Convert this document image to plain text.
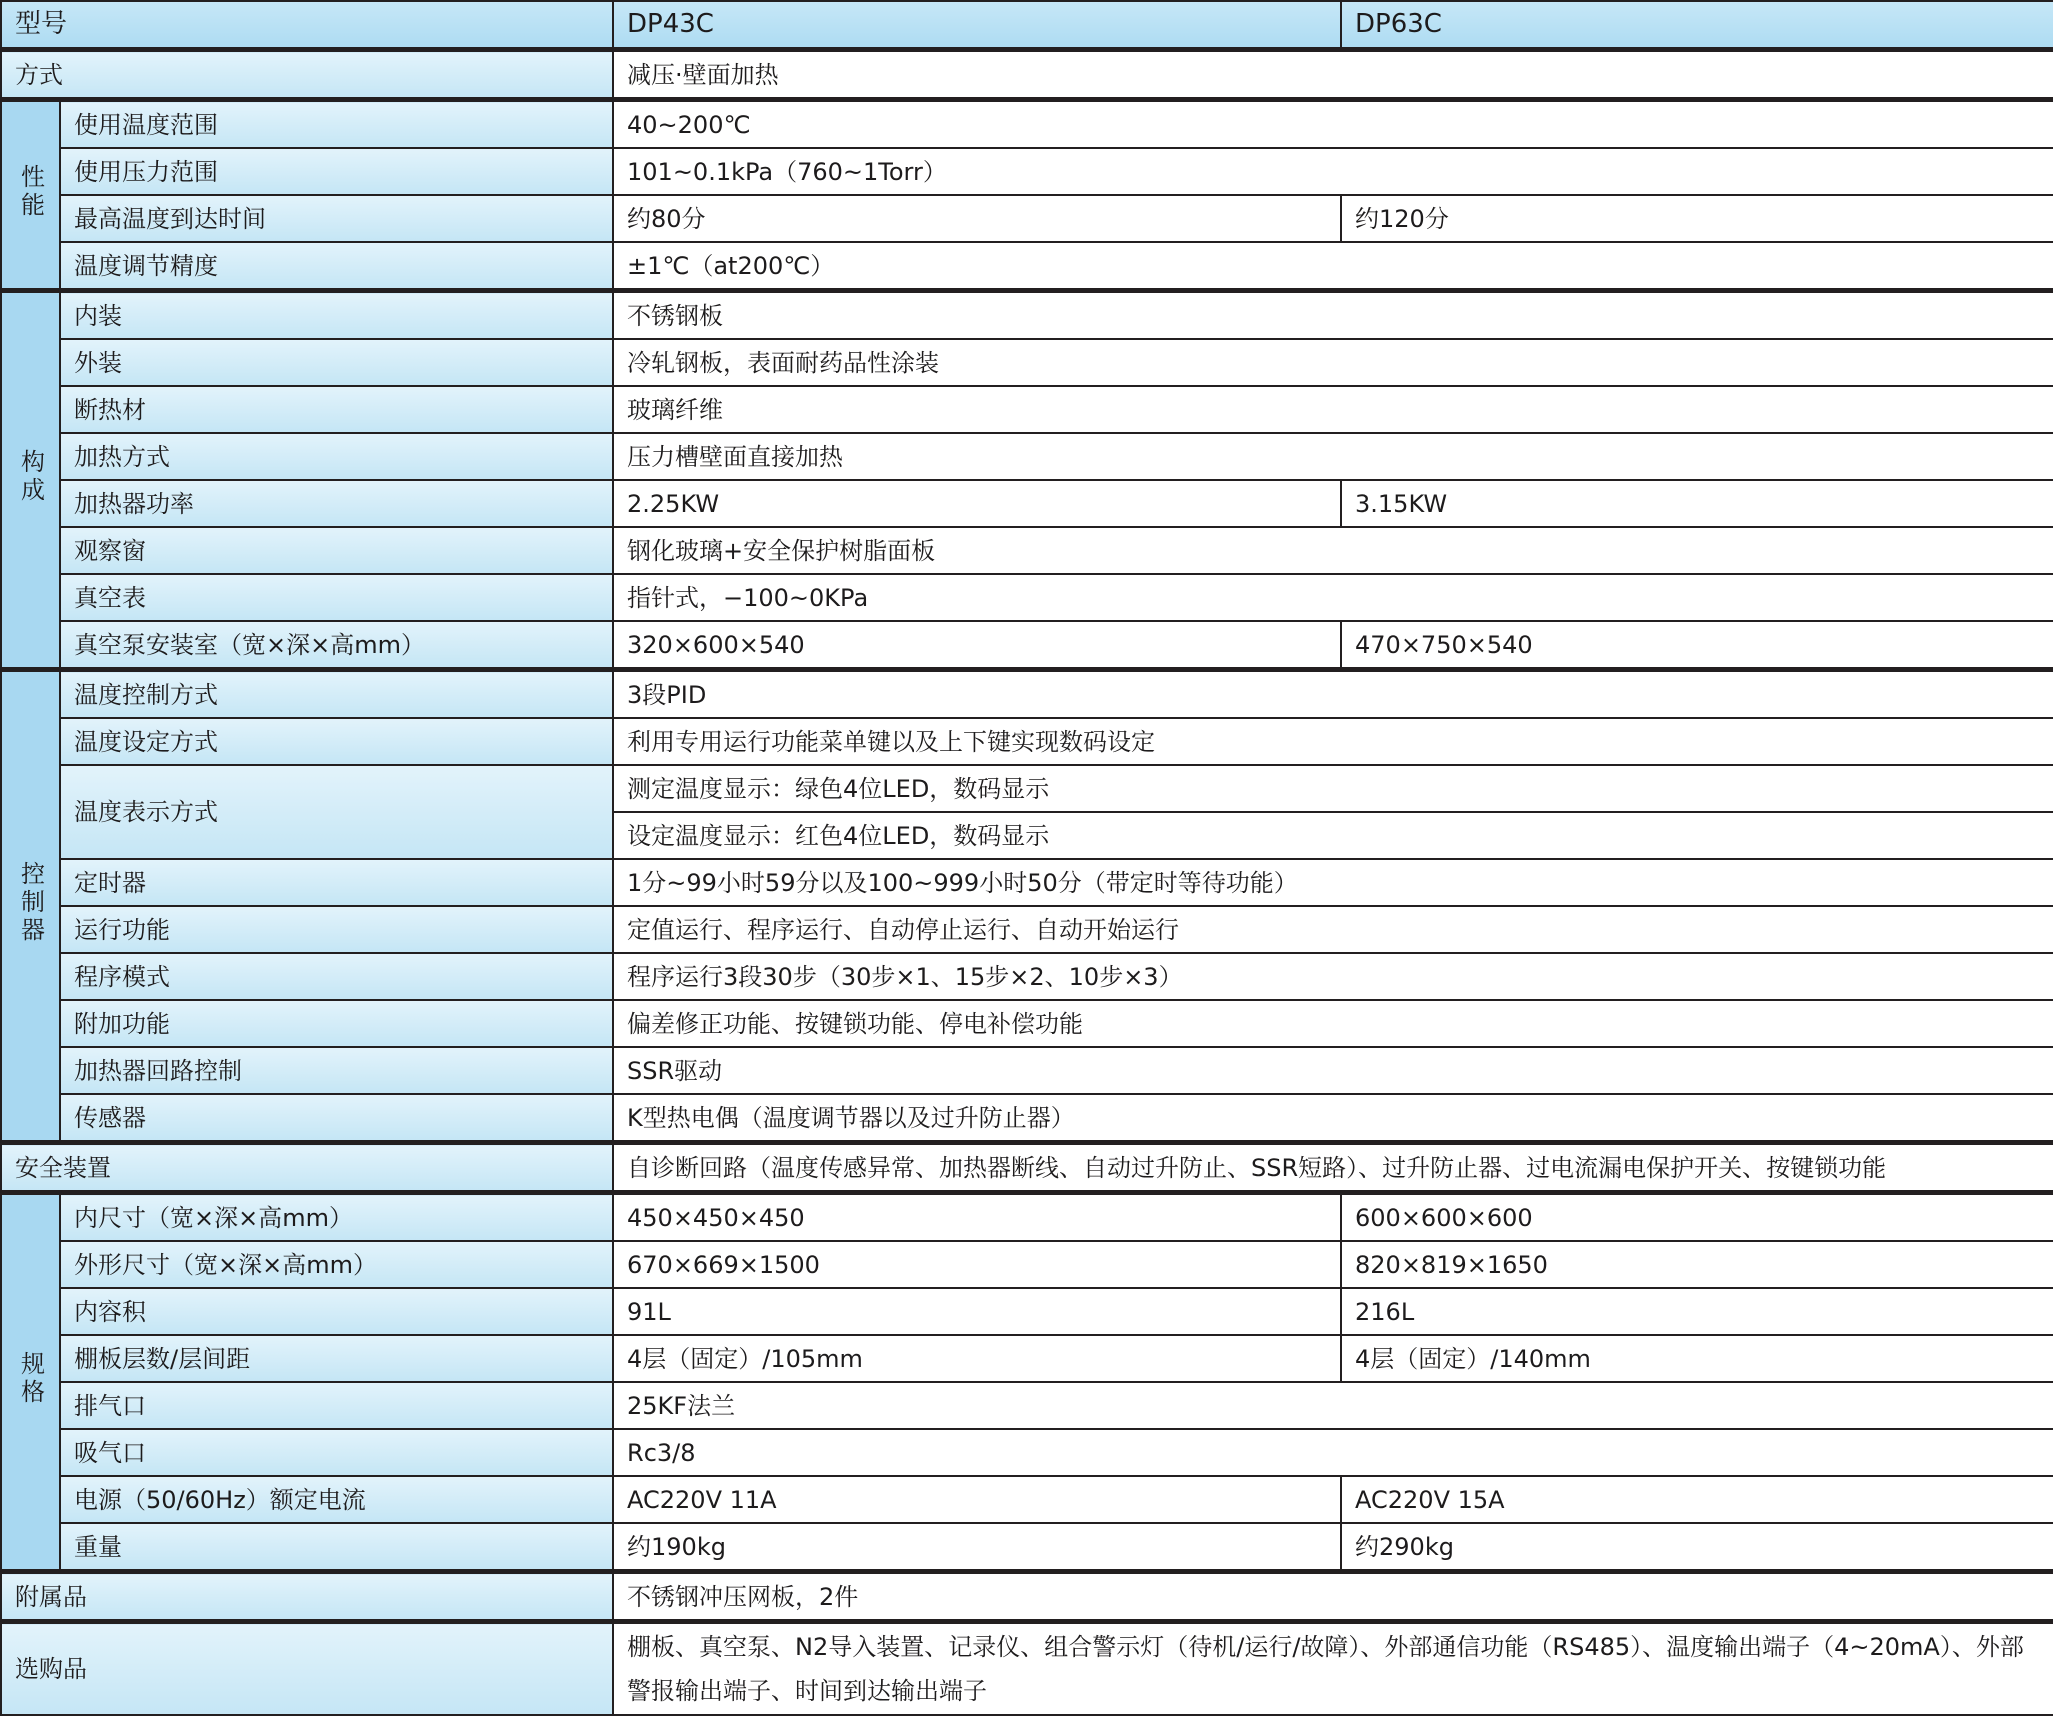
型号		DP43C	DP63C
方式		减压·壁面加热	
性能	使用温度范围	40~200℃	
	使用压力范围	101~0.1kPa（760~1Torr）	
	最高温度到达时间	约80分	约120分
	温度调节精度	±1℃（at200℃）	
构成	内装	不锈钢板	
	外装	冷轧钢板，表面耐药品性涂装	
	断热材	玻璃纤维	
	加热方式	压力槽壁面直接加热	
	加热器功率	2.25KW	3.15KW
	观察窗	钢化玻璃+安全保护树脂面板	
	真空表	指针式，−100~0KPa	
	真空泵安装室（宽×深×高mm）	320×600×540	470×750×540
控制器	温度控制方式	3段PID	
	温度设定方式	利用专用运行功能菜单键以及上下键实现数码设定	
	温度表示方式	测定温度显示：绿色4位LED，数码显示	
		设定温度显示：红色4位LED，数码显示	
	定时器	1分~99小时59分以及100~999小时50分（带定时等待功能）	
	运行功能	定值运行、程序运行、自动停止运行、自动开始运行	
	程序模式	程序运行3段30步（30步×1、15步×2、10步×3）	
	附加功能	偏差修正功能、按键锁功能、停电补偿功能	
	加热器回路控制	SSR驱动	
	传感器	K型热电偶（温度调节器以及过升防止器）	
安全装置		自诊断回路（温度传感异常、加热器断线、自动过升防止、SSR短路）、过升防止器、过电流漏电保护开关、按键锁功能	
规格	内尺寸（宽×深×高mm）	450×450×450	600×600×600
	外形尺寸（宽×深×高mm）	670×669×1500	820×819×1650
	内容积	91L	216L
	棚板层数/层间距	4层（固定）/105mm	4层（固定）/140mm
	排气口	25KF法兰	
	吸气口	Rc3/8	
	电源（50/60Hz）额定电流	AC220V 11A	AC220V 15A
	重量	约190kg	约290kg
附属品		不锈钢冲压网板，2件	
选购品		棚板、真空泵、N2导入装置、记录仪、组合警示灯（待机/运行/故障）、外部通信功能（RS485）、温度输出端子（4~20mA）、外部警报输出端子、时间到达输出端子	
